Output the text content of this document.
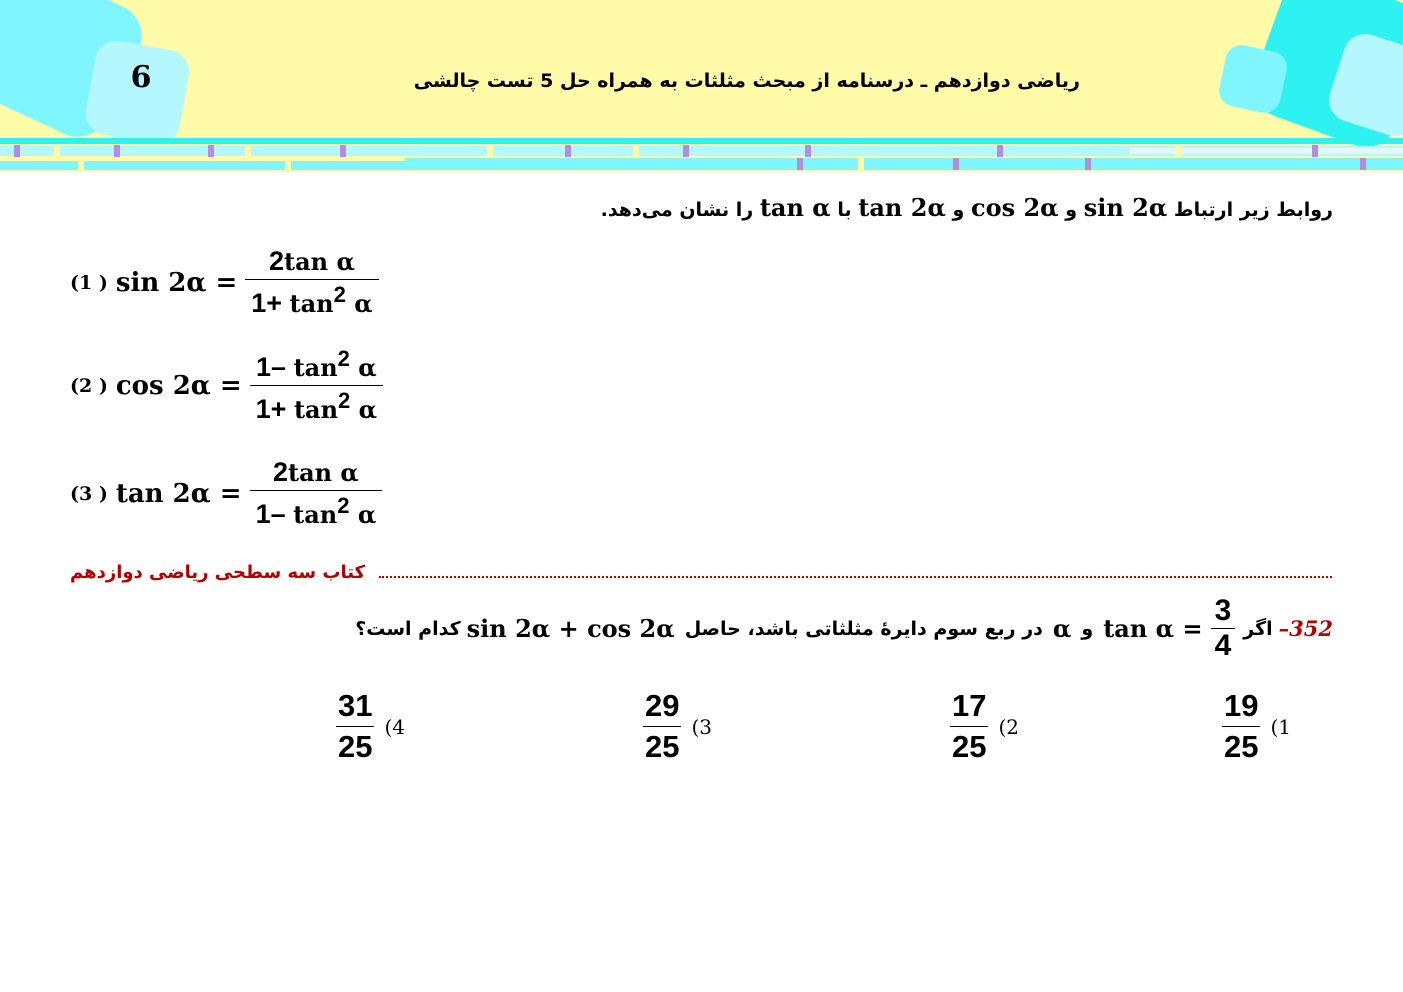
6	ریاضی دوازدهم ـ درسنامه از مبحث مثلثات به همراه حل 5 تست چالشی
روابط زیر ارتباط sin 2α و cos 2α و tan 2α با tan α را نشان می‌دهد.
(1 ) $\sin 2\alpha = \frac{\text{2tan α}}{1+ \tan^2 \alpha}$
(2 ) $\cos 2\alpha = \frac{1- \tan^2 \alpha}{1+ \tan^2 \alpha}$
(3 ) $\tan 2\alpha = \frac{\text{2tan α}}{1- \tan^2 \alpha}$
کتاب سه سطحی ریاضی دوازدهم
352–
اگر
$\frac{3}{4}$
tan α =
و
α
در ربع سوم دایرهٔ مثلثاتی باشد، حاصل
sin 2α + cos 2α
کدام است؟
$\frac{19}{25} (1$
$\frac{17}{25} (2$
$\frac{29}{25} (3$
$\frac{31}{25} (4$
